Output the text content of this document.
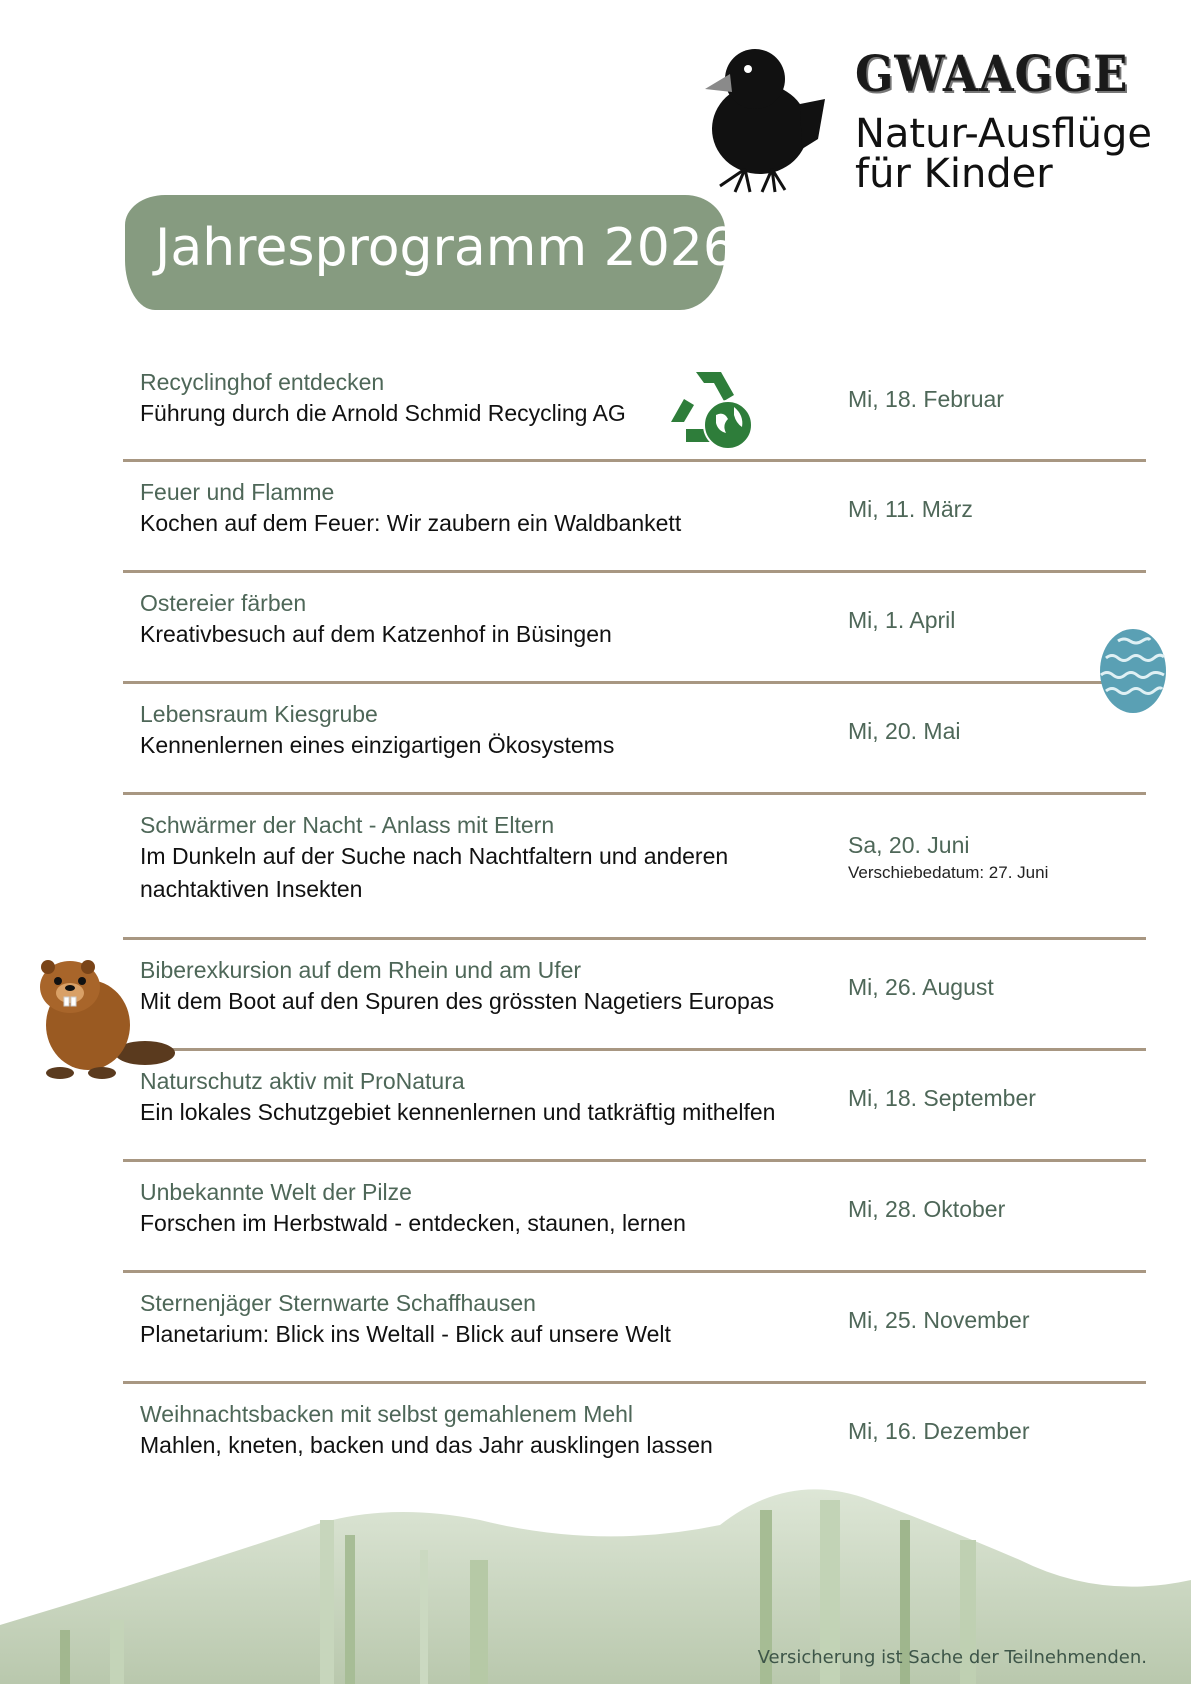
GWAAGGE
Natur-Ausflüge
für Kinder
Jahresprogramm 2026
Recyclinghof entdecken
Führung durch die Arnold Schmid Recycling AG
Mi, 18. Februar
Feuer und Flamme
Kochen auf dem Feuer: Wir zaubern ein Waldbankett
Mi, 11. März
Ostereier färben
Kreativbesuch auf dem Katzenhof in Büsingen
Mi, 1. April
Lebensraum Kiesgrube
Kennenlernen eines einzigartigen Ökosystems
Mi, 20. Mai
Schwärmer der Nacht - Anlass mit Eltern
Im Dunkeln auf der Suche nach Nachtfaltern und anderen nachtaktiven Insekten
Sa, 20. Juni
Verschiebedatum: 27. Juni
Biberexkursion auf dem Rhein und am Ufer
Mit dem Boot auf den Spuren des grössten Nagetiers Europas
Mi, 26. August
Naturschutz aktiv mit ProNatura
Ein lokales Schutzgebiet kennenlernen und tatkräftig mithelfen
Mi, 18. September
Unbekannte Welt der Pilze
Forschen im Herbstwald - entdecken, staunen, lernen
Mi, 28. Oktober
Sternenjäger Sternwarte Schaffhausen
Planetarium: Blick ins Weltall - Blick auf unsere Welt
Mi, 25. November
Weihnachtsbacken mit selbst gemahlenem Mehl
Mahlen, kneten, backen und das Jahr ausklingen lassen
Mi, 16. Dezember
Versicherung ist Sache der Teilnehmenden.
